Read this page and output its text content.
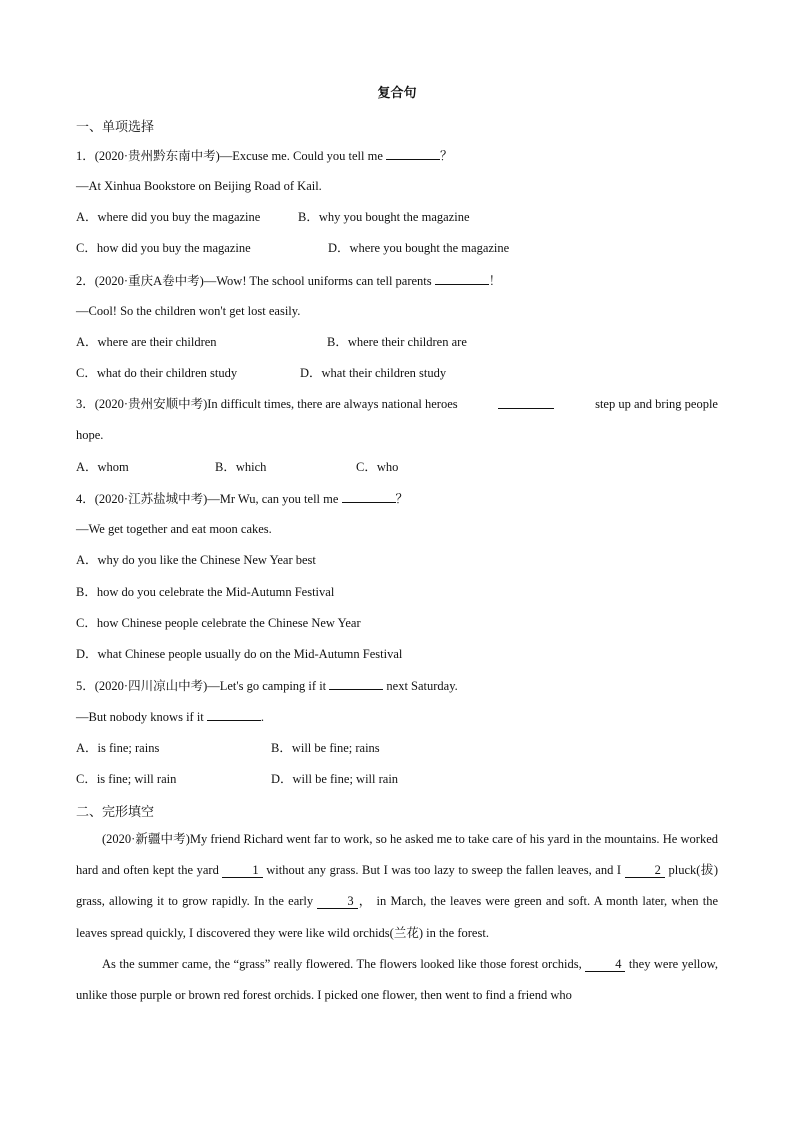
复合句
一、单项选择
1．(2020·贵州黔东南中考)—Excuse me. Could you tell me	？
—At Xinhua Bookstore on Beijing Road of Kail.
A．where did you buy the magazine	B．why you bought the magazine
C．how did you buy the magazine	D．where you bought the magazine
2．(2020·重庆A卷中考)—Wow! The school uniforms can tell parents	！
—Cool! So the children won't get lost easily.
A．where are their children	B．where their children are
C．what do their children study	D．what their children study
3．(2020·贵州安顺中考)In difficult times, there are always national heroes	step up and bring people
hope.
A．whom	B．which	C．who
4．(2020·江苏盐城中考)—Mr Wu, can you tell me	？
—We get together and eat moon cakes.
A．why do you like the Chinese New Year best
B．how do you celebrate the Mid-Autumn Festival
C．how Chinese people celebrate the Chinese New Year
D．what Chinese people usually do on the Mid-Autumn Festival
5．(2020·四川凉山中考)—Let's go camping if it	next Saturday.
—But nobody knows if it	.
A．is fine; rains	B．will be fine; rains
C．is fine; will rain	D．will be fine; will rain
二、完形填空
(2020·新疆中考)My friend Richard went far to work, so he asked me to take care of his yard in the mountains. He worked hard and often kept the yard 1 without any grass. But I was too lazy to sweep the fallen leaves, and I 2 pluck(拔) grass, allowing it to grow rapidly. In the early 3 ， in March, the leaves were green and soft. A month later, when the leaves spread quickly, I discovered they were like wild orchids(兰花) in the forest.
As the summer came, the “grass” really flowered. The flowers looked like those forest orchids, 4 they were yellow, unlike those purple or brown red forest orchids. I picked one flower, then went to find a friend who
